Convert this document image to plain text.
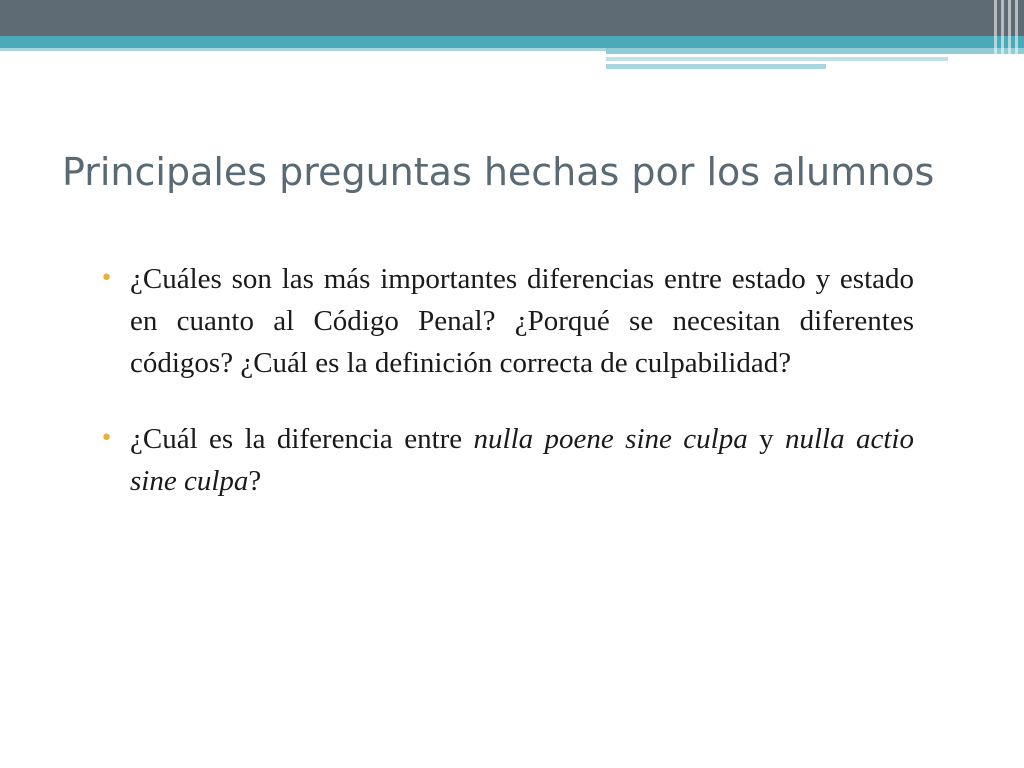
Principales preguntas hechas por los alumnos
• ¿Cuáles son las más importantes diferencias entre estado y estado en cuanto al Código Penal? ¿Porqué se necesitan diferentes códigos? ¿Cuál es la definición correcta de culpabilidad?
• ¿Cuál es la diferencia entre nulla poene sine culpa y nulla actio sine culpa?
